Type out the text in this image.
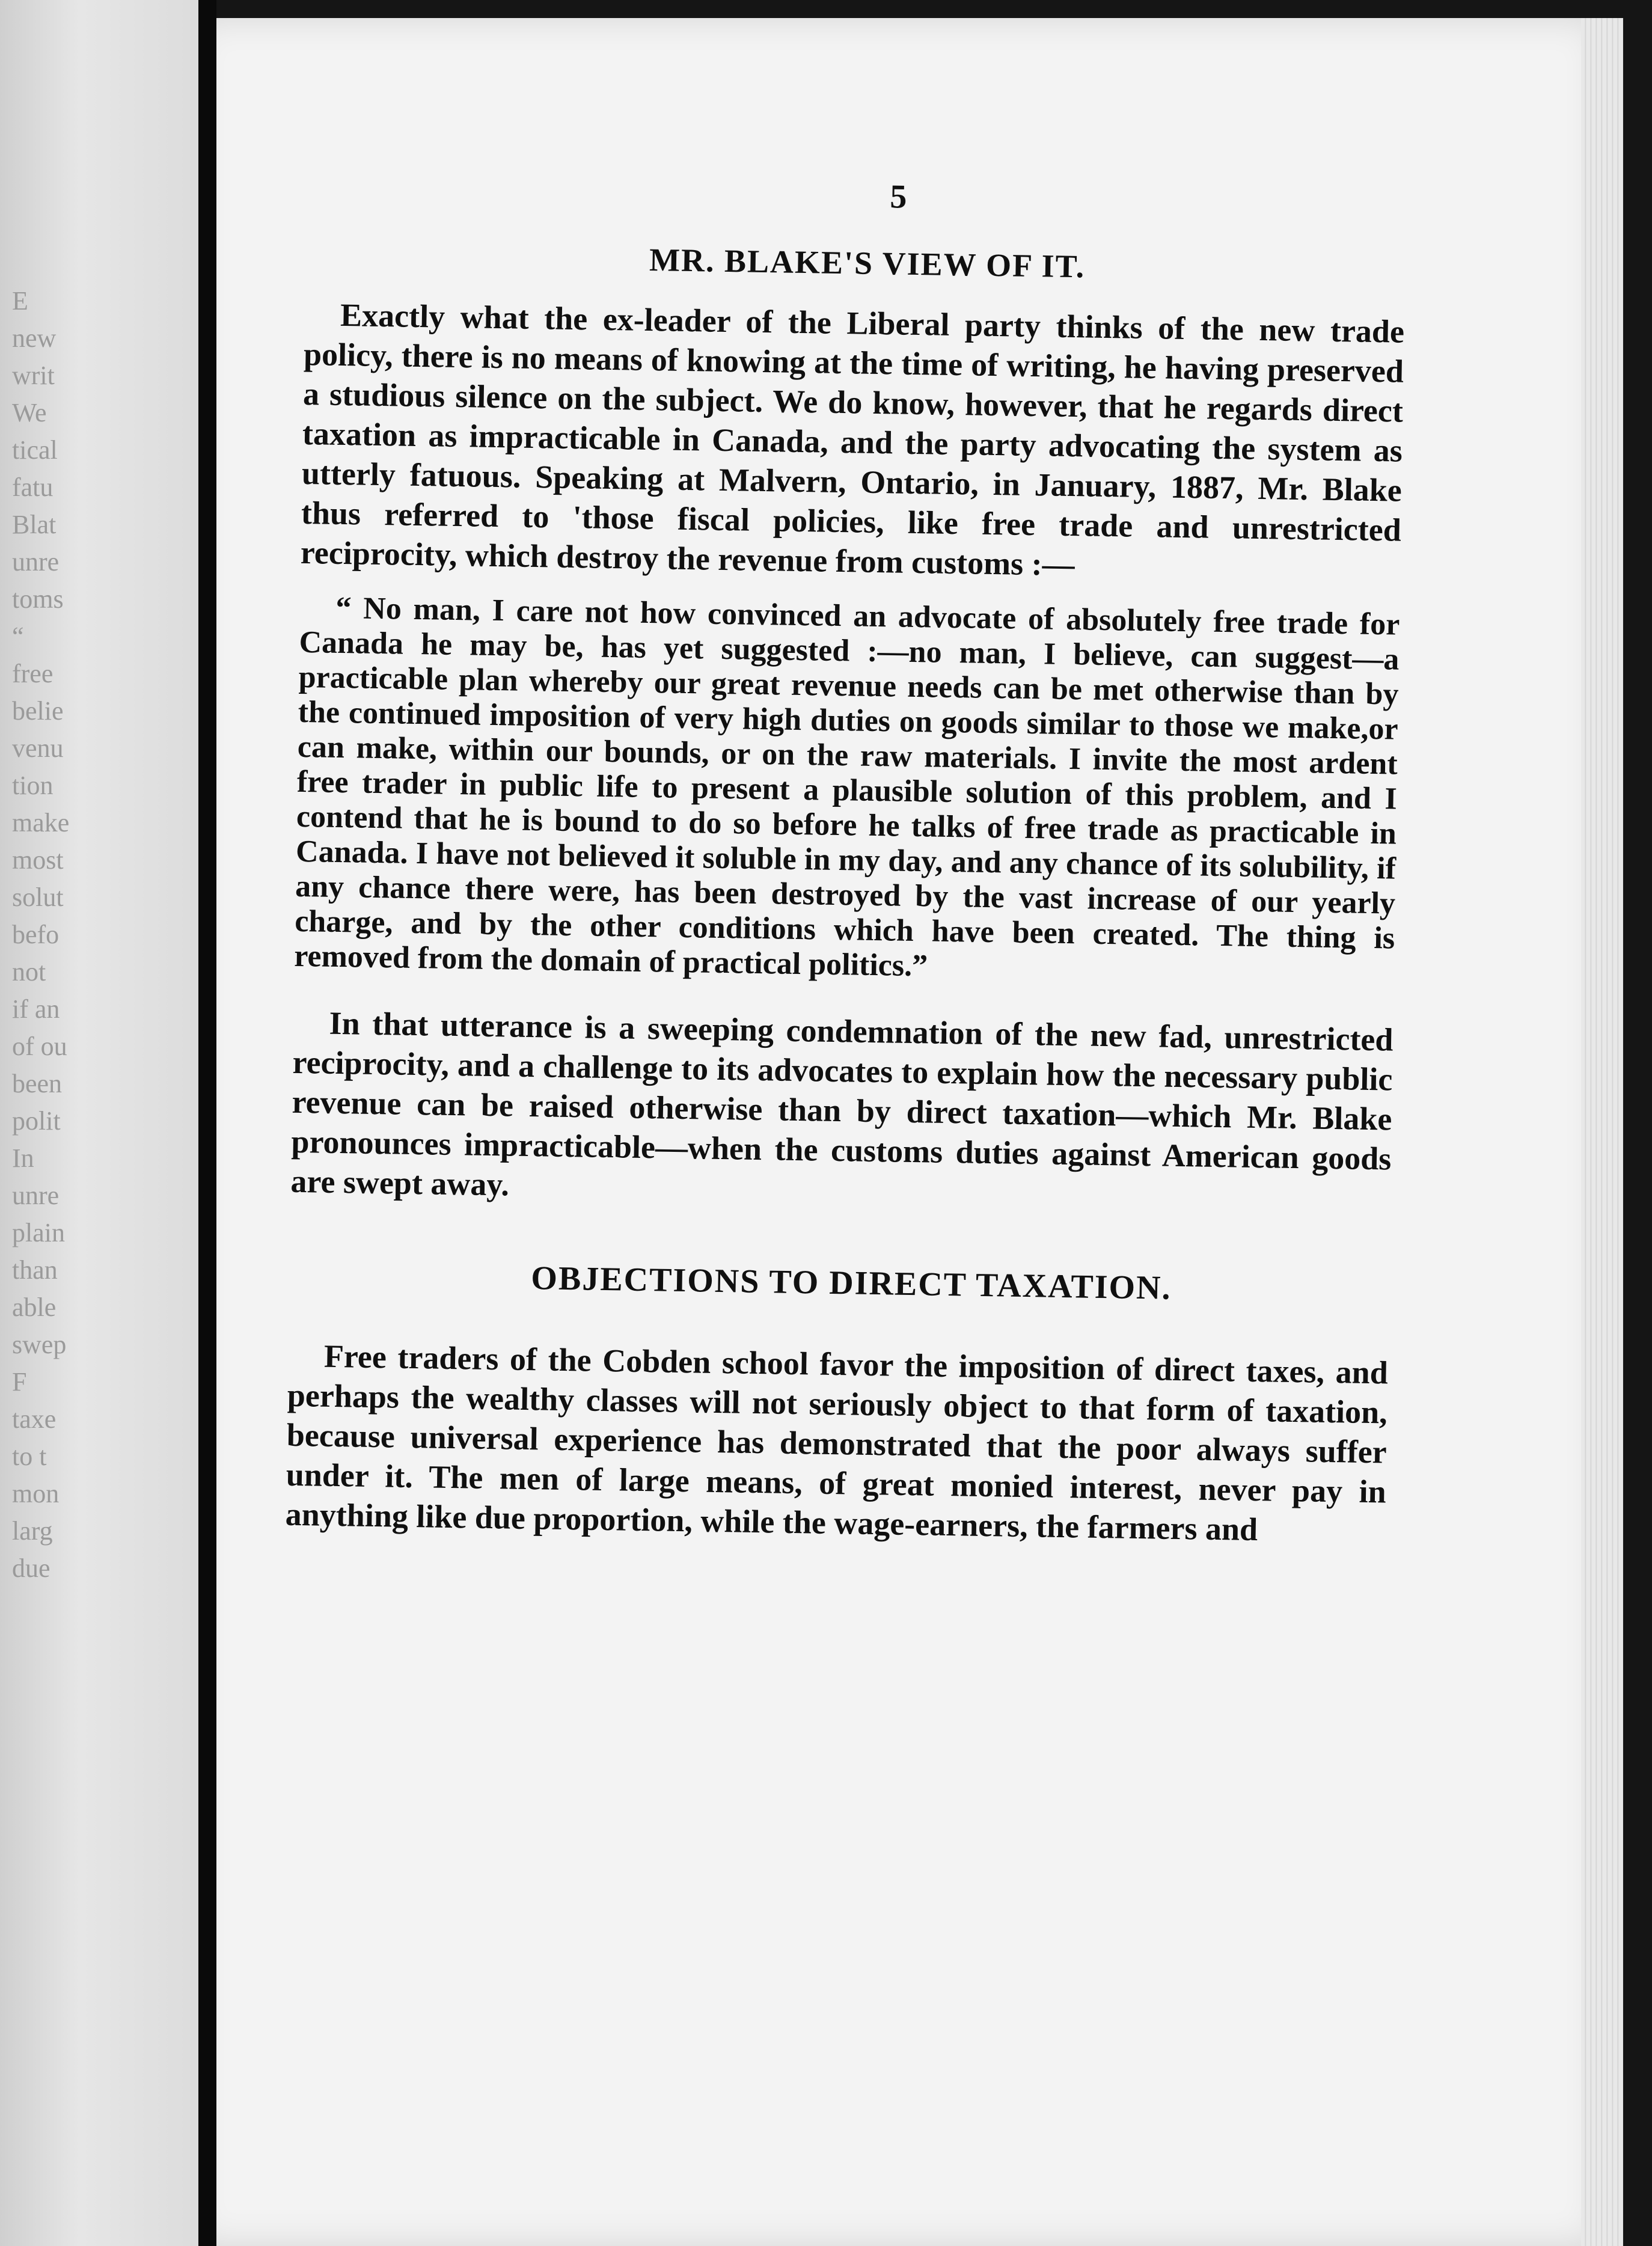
E
new
writ
We
tical
fatu
Blat
unre
toms
“
free
belie
venu
tion
make
most
solut
befo
not
if an
of ou
been
polit
In
unre
plain
than
able
swep
F
taxe
to t
mon
larg
due
5
MR. BLAKE'S VIEW OF IT.

Exactly what the ex-leader of the Liberal party thinks of the new trade policy, there is no means of knowing at the time of writing, he having preserved a studious silence on the subject. We do know, however, that he regards direct taxation as impracticable in Canada, and the party advocating the system as utterly fatuous. Speaking at Malvern, Ontario, in January, 1887, Mr. Blake thus referred to 'those fiscal policies, like free trade and unrestricted reciprocity, which destroy the revenue from customs :—

“ No man, I care not how convinced an advocate of absolutely free trade for Canada he may be, has yet suggested :—no man, I believe, can suggest—a practicable plan whereby our great revenue needs can be met otherwise than by the continued imposition of very high duties on goods similar to those we make,or can make, within our bounds, or on the raw materials. I invite the most ardent free trader in public life to present a plausible solution of this problem, and I contend that he is bound to do so before he talks of free trade as practicable in Canada. I have not believed it soluble in my day, and any chance of its solubility, if any chance there were, has been destroyed by the vast increase of our yearly charge, and by the other conditions which have been created. The thing is removed from the domain of practical politics.”

In that utterance is a sweeping condemnation of the new fad, unrestricted reciprocity, and a challenge to its advocates to explain how the necessary public revenue can be raised otherwise than by direct taxation—which Mr. Blake pronounces impracticable—when the customs duties against American goods are swept away.

OBJECTIONS TO DIRECT TAXATION.

Free traders of the Cobden school favor the imposition of direct taxes, and perhaps the wealthy classes will not seriously object to that form of taxation, because universal experience has demonstrated that the poor always suffer under it. The men of large means, of great monied interest, never pay in anything like due proportion, while the wage-earners, the farmers and
